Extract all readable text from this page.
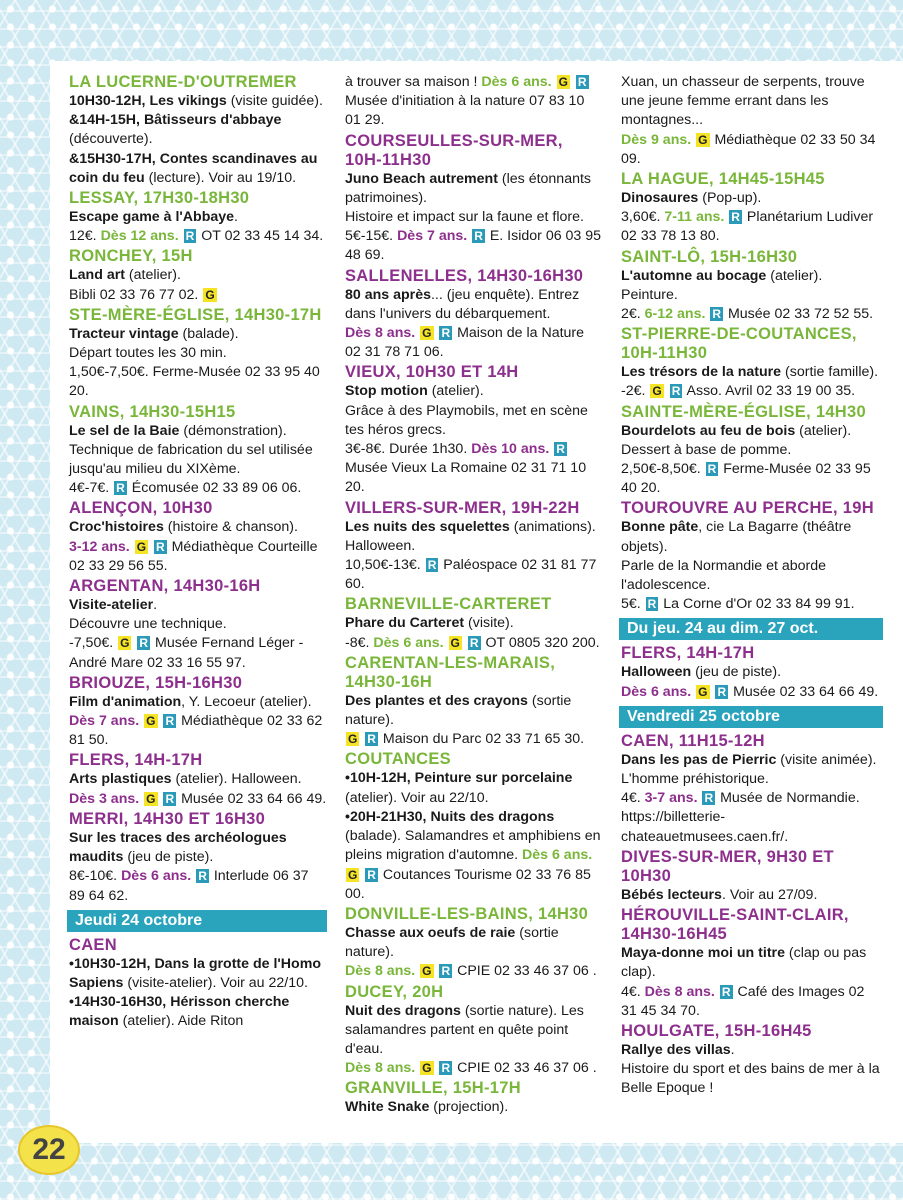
LA LUCERNE-D'OUTREMER
10H30-12H, Les vikings (visite guidée).
&14H-15H, Bâtisseurs d'abbaye (découverte).
&15H30-17H, Contes scandinaves au coin du feu (lecture). Voir au 19/10.
LESSAY, 17H30-18H30
Escape game à l'Abbaye.
12€. Dès 12 ans. R OT 02 33 45 14 34.
RONCHEY, 15H
Land art (atelier).
Bibli 02 33 76 77 02. G
STE-MÈRE-ÉGLISE, 14H30-17H
Tracteur vintage (balade).
Départ toutes les 30 min.
1,50€-7,50€. Ferme-Musée 02 33 95 40 20.
VAINS, 14H30-15H15
Le sel de la Baie (démonstration). Technique de fabrication du sel utilisée jusqu'au milieu du XIXème.
4€-7€. R Écomusée 02 33 89 06 06.
ALENÇON, 10H30
Croc'histoires (histoire & chanson).
3-12 ans. G R Médiathèque Courteille 02 33 29 56 55.
ARGENTAN, 14H30-16H
Visite-atelier.
Découvre une technique.
-7,50€. G R Musée Fernand Léger - André Mare 02 33 16 55 97.
BRIOUZE, 15H-16H30
Film d'animation, Y. Lecoeur (atelier).
Dès 7 ans. G R Médiathèque 02 33 62 81 50.
FLERS, 14H-17H
Arts plastiques (atelier). Halloween.
Dès 3 ans. G R Musée 02 33 64 66 49.
MERRI, 14H30 ET 16H30
Sur les traces des archéologues maudits (jeu de piste).
8€-10€. Dès 6 ans. R Interlude 06 37 89 64 62.
Jeudi 24 octobre
CAEN
•10H30-12H, Dans la grotte de l'Homo Sapiens (visite-atelier). Voir au 22/10.
•14H30-16H30, Hérisson cherche maison (atelier). Aide Riton
à trouver sa maison ! Dès 6 ans. G R Musée d'initiation à la nature 07 83 10 01 29.
COURSEULLES-SUR-MER, 10H-11H30
Juno Beach autrement (les étonnants patrimoines).
Histoire et impact sur la faune et flore.
5€-15€. Dès 7 ans. R E. Isidor 06 03 95 48 69.
SALLENELLES, 14H30-16H30
80 ans après... (jeu enquête). Entrez dans l'univers du débarquement.
Dès 8 ans. G R Maison de la Nature 02 31 78 71 06.
VIEUX, 10H30 ET 14H
Stop motion (atelier).
Grâce à des Playmobils, met en scène tes héros grecs.
3€-8€. Durée 1h30. Dès 10 ans. R Musée Vieux La Romaine 02 31 71 10 20.
VILLERS-SUR-MER, 19H-22H
Les nuits des squelettes (animations). Halloween.
10,50€-13€. R Paléospace 02 31 81 77 60.
BARNEVILLE-CARTERET
Phare du Carteret (visite).
-8€. Dès 6 ans. G R OT 0805 320 200.
CARENTAN-LES-MARAIS, 14H30-16H
Des plantes et des crayons (sortie nature).
G R Maison du Parc 02 33 71 65 30.
COUTANCES
•10H-12H, Peinture sur porcelaine (atelier). Voir au 22/10.
•20H-21H30, Nuits des dragons (balade). Salamandres et amphibiens en pleins migration d'automne. Dès 6 ans. G R Coutances Tourisme 02 33 76 85 00.
DONVILLE-LES-BAINS, 14H30
Chasse aux oeufs de raie (sortie nature).
Dès 8 ans. G R CPIE 02 33 46 37 06 .
DUCEY, 20H
Nuit des dragons (sortie nature). Les salamandres partent en quête point d'eau.
Dès 8 ans. G R CPIE 02 33 46 37 06 .
GRANVILLE, 15H-17H
White Snake (projection).
Xuan, un chasseur de serpents, trouve une jeune femme errant dans les montagnes...
Dès 9 ans. G Médiathèque 02 33 50 34 09.
LA HAGUE, 14H45-15H45
Dinosaures (Pop-up).
3,60€. 7-11 ans. R Planétarium Ludiver 02 33 78 13 80.
SAINT-LÔ, 15H-16H30
L'automne au bocage (atelier).
Peinture.
2€. 6-12 ans. R Musée 02 33 72 52 55.
ST-PIERRE-DE-COUTANCES, 10H-11H30
Les trésors de la nature (sortie famille).
-2€. G R Asso. Avril 02 33 19 00 35.
SAINTE-MÈRE-ÉGLISE, 14H30
Bourdelots au feu de bois (atelier).
Dessert à base de pomme.
2,50€-8,50€. R Ferme-Musée 02 33 95 40 20.
TOUROUVRE AU PERCHE, 19H
Bonne pâte, cie La Bagarre (théâtre objets).
Parle de la Normandie et aborde l'adolescence.
5€. R La Corne d'Or 02 33 84 99 91.
Du jeu. 24 au dim. 27 oct.
FLERS, 14H-17H
Halloween (jeu de piste).
Dès 6 ans. G R Musée 02 33 64 66 49.
Vendredi 25 octobre
CAEN, 11H15-12H
Dans les pas de Pierric (visite animée).
L'homme préhistorique.
4€. 3-7 ans. R Musée de Normandie. https://billetterie-chateauetmusees.caen.fr/.
DIVES-SUR-MER, 9H30 ET 10H30
Bébés lecteurs. Voir au 27/09.
HÉROUVILLE-SAINT-CLAIR, 14H30-16H45
Maya-donne moi un titre (clap ou pas clap).
4€. Dès 8 ans. R Café des Images 02 31 45 34 70.
HOULGATE, 15H-16H45
Rallye des villas.
Histoire du sport et des bains de mer à la Belle Epoque !
22
